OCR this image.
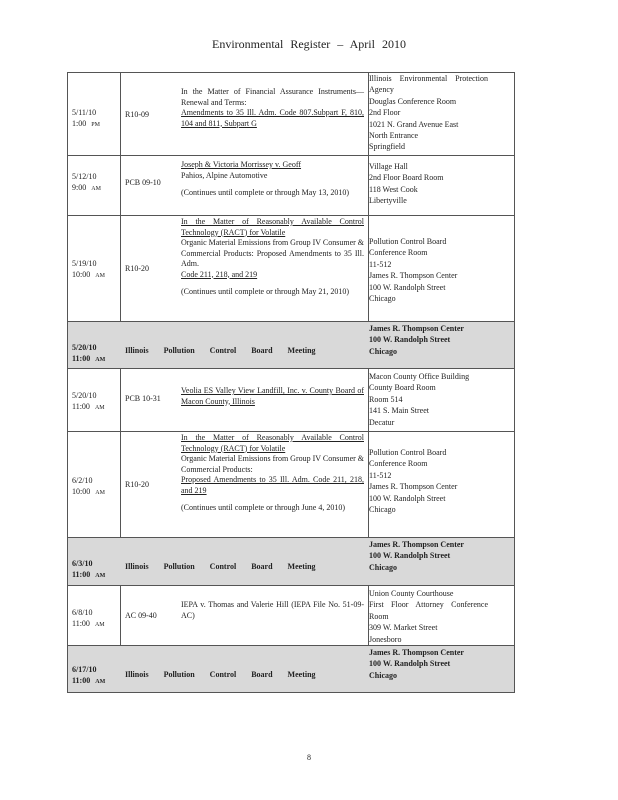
Environmental Register – April 2010
5/11/10
1:00 PM
R10-09
In the Matter of Financial Assurance Instruments—Renewal and Terms:
Amendments to 35 Ill. Adm. Code 807.Subpart F, 810, 104 and 811, Subpart G
Illinois Environmental Protection Agency
Douglas Conference Room
2nd Floor
1021 N. Grand Avenue East
North Entrance
Springfield
5/12/10
9:00 AM
PCB 09-10
Joseph & Victoria Morrissey v. Geoff
Pahios, Alpine Automotive
(Continues until complete or through May 13, 2010)
Village Hall
2nd Floor Board Room
118 West Cook
Libertyville
5/19/10
10:00 AM
R10-20
In the Matter of Reasonably Available Control Technology (RACT) for Volatile
Organic Material Emissions from Group IV Consumer & Commercial Products: Proposed Amendments to 35 Ill. Adm.
Code 211, 218, and 219
(Continues until complete or through May 21, 2010)
Pollution Control Board
Conference Room
11-512
James R. Thompson Center
100 W. Randolph Street
Chicago
5/20/10
11:00 AM
Illinois Pollution Control Board Meeting
James R. Thompson Center
100 W. Randolph Street
Chicago
5/20/10
11:00 AM
PCB 10-31
Veolia ES Valley View Landfill, Inc. v. County Board of Macon County, Illinois
Macon County Office Building
County Board Room
Room 514
141 S. Main Street
Decatur
6/2/10
10:00 AM
R10-20
In the Matter of Reasonably Available Control Technology (RACT) for Volatile
Organic Material Emissions from Group IV Consumer & Commercial Products:
Proposed Amendments to 35 Ill. Adm. Code 211, 218, and 219
(Continues until complete or through June 4, 2010)
Pollution Control Board
Conference Room
11-512
James R. Thompson Center
100 W. Randolph Street
Chicago
6/3/10
11:00 AM
Illinois Pollution Control Board Meeting
James R. Thompson Center
100 W. Randolph Street
Chicago
6/8/10
11:00 AM
AC 09-40
IEPA v. Thomas and Valerie Hill (IEPA File No. 51-09-AC)
Union County Courthouse
First Floor Attorney Conference Room
309 W. Market Street
Jonesboro
6/17/10
11:00 AM
Illinois Pollution Control Board Meeting
James R. Thompson Center
100 W. Randolph Street
Chicago
8
